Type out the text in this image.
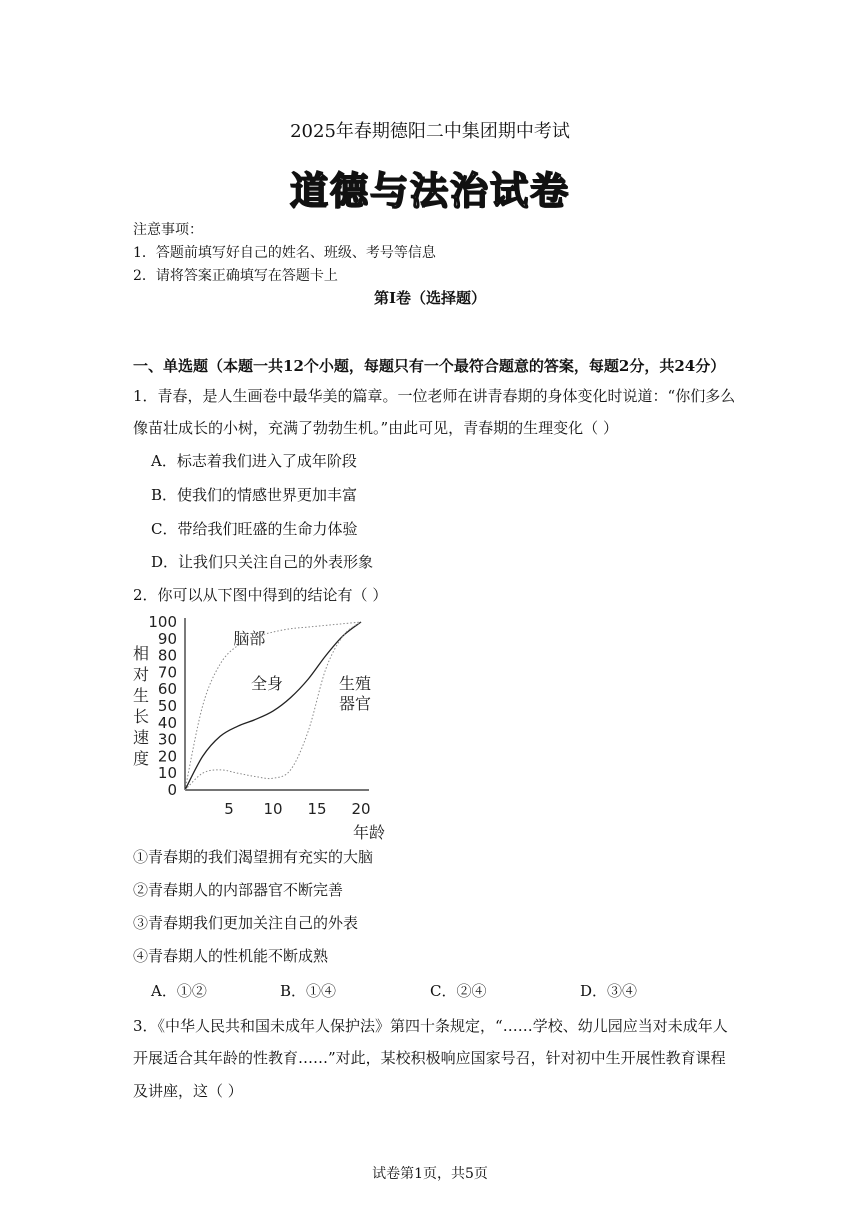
2025年春期德阳二中集团期中考试
道德与法治试卷
注意事项：
1．答题前填写好自己的姓名、班级、考号等信息
2．请将答案正确填写在答题卡上
第I卷（选择题）
一、单选题（本题一共12个小题，每题只有一个最符合题意的答案，每题2分，共24分）
1．青春，是人生画卷中最华美的篇章。一位老师在讲青春期的身体变化时说道：“你们多么
像苗壮成长的小树，充满了勃勃生机。”由此可见，青春期的生理变化（ ）
A．标志着我们进入了成年阶段
B．使我们的情感世界更加丰富
C．带给我们旺盛的生命力体验
D．让我们只关注自己的外表形象
2．你可以从下图中得到的结论有（ ）
0
10
20
30
40
50
60
70
80
90
100
5 10 15 20
相
对
生
长
速
度
年龄
脑部
全身	生殖
器官
①青春期的我们渴望拥有充实的大脑
②青春期人的内部器官不断完善
③青春期我们更加关注自己的外表
④青春期人的性机能不断成熟
A．①②	B．①④	C．②④	D．③④
3．《中华人民共和国未成年人保护法》第四十条规定，“……学校、幼儿园应当对未成年人
开展适合其年龄的性教育……”对此，某校积极响应国家号召，针对初中生开展性教育课程
及讲座，这（ ）
试卷第1页，共5页
